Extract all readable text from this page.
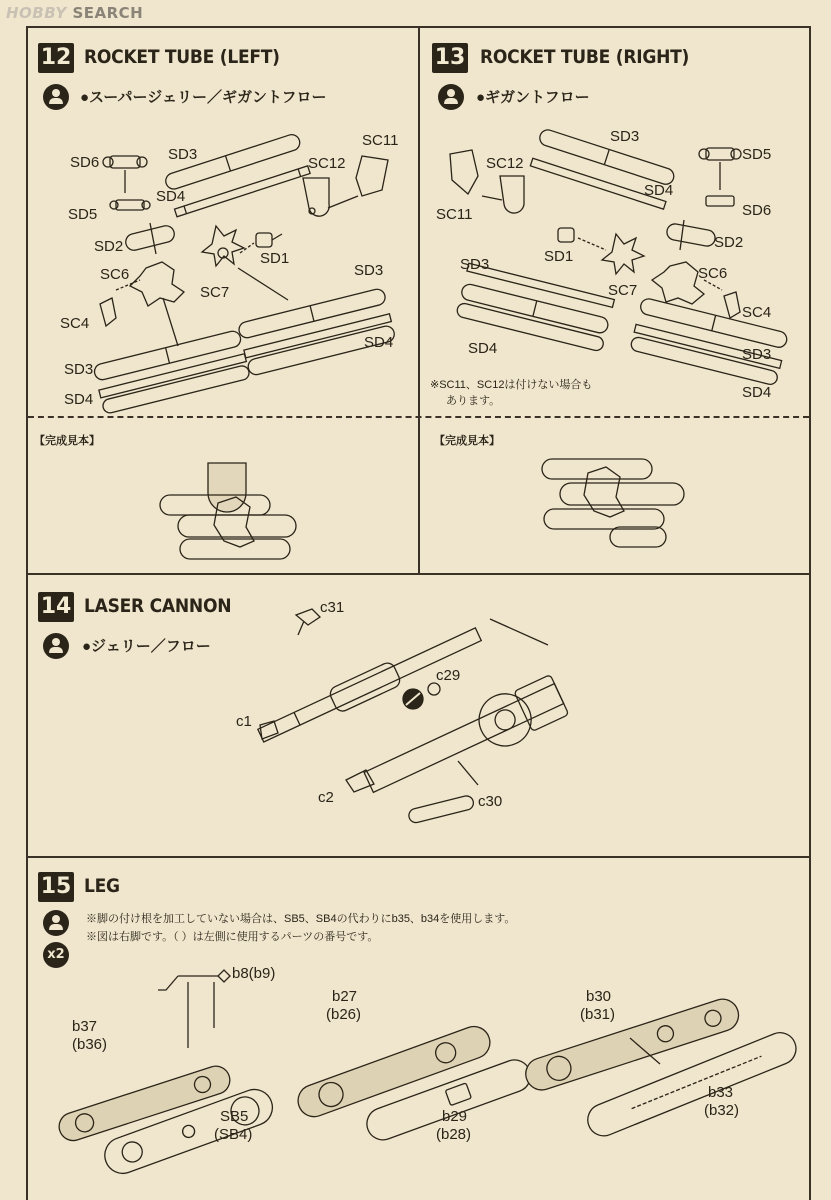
HOBBY SEARCH
12 ROCKET TUBE (LEFT)
●スーパージェリー／ギガントフロー
SD6	SD3
SD4
SD5
SD2
SC12
SC11
SD1
SC6
SC7
SD3
SC4
SD4
SD3
SD4
【完成見本】
13 ROCKET TUBE (RIGHT)
●ギガントフロー
SD3
SC12
SD5
SD4
SD6
SC11
SD2
SD1
SD3
SC6
SC7
SC4
SD4	SD3
SD4
※SC11、SC12は付けない場合も
あります。
【完成見本】
14 LASER CANNON
●ジェリー／フロー
c31
c29
c1
c2	c30
15 LEG
x2
※脚の付け根を加工していない場合は、SB5、SB4の代わりにb35、b34を使用します。
※図は右脚です。（ ）は左側に使用するパーツの番号です。
b8(b9)
b37
(b36)
SB5
(SB4)
b27
(b26)
b29
(b28)
b30
(b31)
b33
(b32)
